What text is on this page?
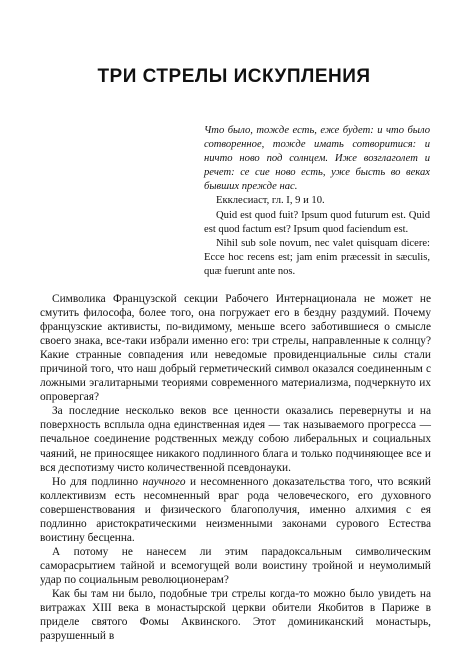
ТРИ СТРЕЛЫ ИСКУПЛЕНИЯ

Что было, тожде есть, еже будет: и что было сотворенное, тожде имать сотворитися: и ничто ново под солнцем. Иже возглаголет и речет: се сие ново есть, уже бысть во веках бывших прежде нас.

Екклесиаст, гл. I, 9 и 10.

Quid est quod fuit? Ipsum quod futurum est. Quid est quod factum est? Ipsum quod faciendum est.

Nihil sub sole novum, nec valet quisquam dicere: Ecce hoc recens est; jam enim præcessit in sæculis, quæ fuerunt ante nos.

Символика Французской секции Рабочего Интернационала не может не смутить философа, более того, она погружает его в бездну раздумий. Почему французские активисты, по-видимому, меньше всего заботившиеся о смысле своего знака, все-таки избрали именно его: три стрелы, направленные к солнцу? Какие странные совпадения или неведомые провиденциальные силы стали причиной того, что наш добрый герметический символ оказался соединенным с ложными эгалитарными теориями современного материализма, подчеркнуто их опровергая?

За последние несколько веков все ценности оказались перевернуты и на поверхность всплыла одна единственная идея — так называемого прогресса — печальное соединение родственных между собою либеральных и социальных чаяний, не приносящее никакого подлинного блага и только подчиняющее все и вся деспотизму чисто количественной псевдонауки.

Но для подлинно научного и несомненного доказательства того, что всякий коллективизм есть несомненный враг рода человеческого, его духовного совершенствования и физического благополучия, именно алхимия с ея подлинно аристократическими неизменными законами сурового Естества воистину бесценна.

А потому не нанесем ли этим парадоксальным символическим саморасрытием тайной и всемогущей воли воистину тройной и неумолимый удар по социальным революционерам?

Как бы там ни было, подобные три стрелы когда-то можно было увидеть на витражах XIII века в монастырской церкви обители Якобитов в Париже в приделе святого Фомы Аквинского. Этот доминиканский монастырь, разрушенный в
